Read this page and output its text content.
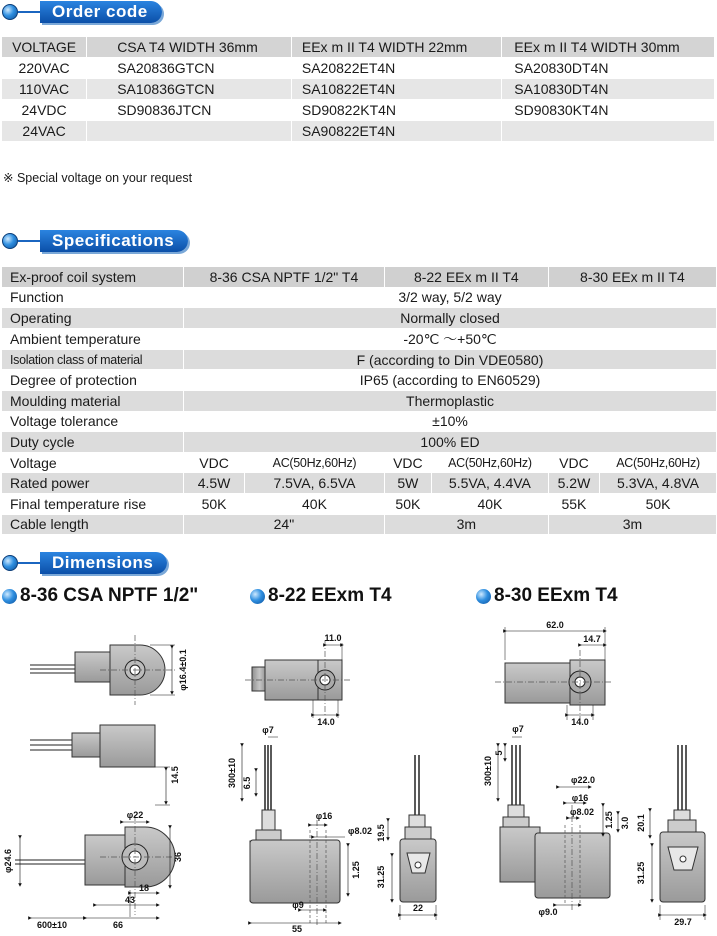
Order code
VOLTAGE	CSA T4 WIDTH 36mm	EEx m II T4 WIDTH 22mm	EEx m II T4 WIDTH 30mm
220VAC	SA20836GTCN	SA20822ET4N	SA20830DT4N
110VAC	SA10836GTCN	SA10822ET4N	SA10830DT4N
24VDC	SD90836JTCN	SD90822KT4N	SD90830KT4N
24VAC		SA90822ET4N	
※ Special voltage on your request
Specifications
Ex-proof coil system	8-36 CSA NPTF 1/2" T4		8-22 EEx m II T4		8-30 EEx m II T4	
Function	3/2 way, 5/2 way					
Operating	Normally closed					
Ambient temperature	-20℃ ～+50℃					
Isolation class of material	F (according to Din VDE0580)					
Degree of protection	IP65 (according to EN60529)					
Moulding material	Thermoplastic					
Voltage tolerance	±10%					
Duty cycle	100% ED					
Voltage	VDC	AC(50Hz,60Hz)	VDC	AC(50Hz,60Hz)	VDC	AC(50Hz,60Hz)
Rated power	4.5W	7.5VA, 6.5VA	5W	5.5VA, 4.4VA	5.2W	5.3VA, 4.8VA
Final temperature rise	50K	40K	50K	40K	55K	50K
Cable length	24"		3m		3m	
Dimensions
8-36 CSA NPTF 1/2"	8-22 EExm T4	8-30 EExm T4
φ16.4±0.1
14.5
φ22
φ24.6	36
18
43
66
600±10
11.0
14.0
φ7
300±10 6.5
φ16
φ8.02
1.25
φ9
55
19.5
31.25
22
62.0
14.7
14.0
φ7
300±10
5
φ22.0
φ16
φ8.02 1.25 3.0
φ9.0
20.1
31.25
29.7
